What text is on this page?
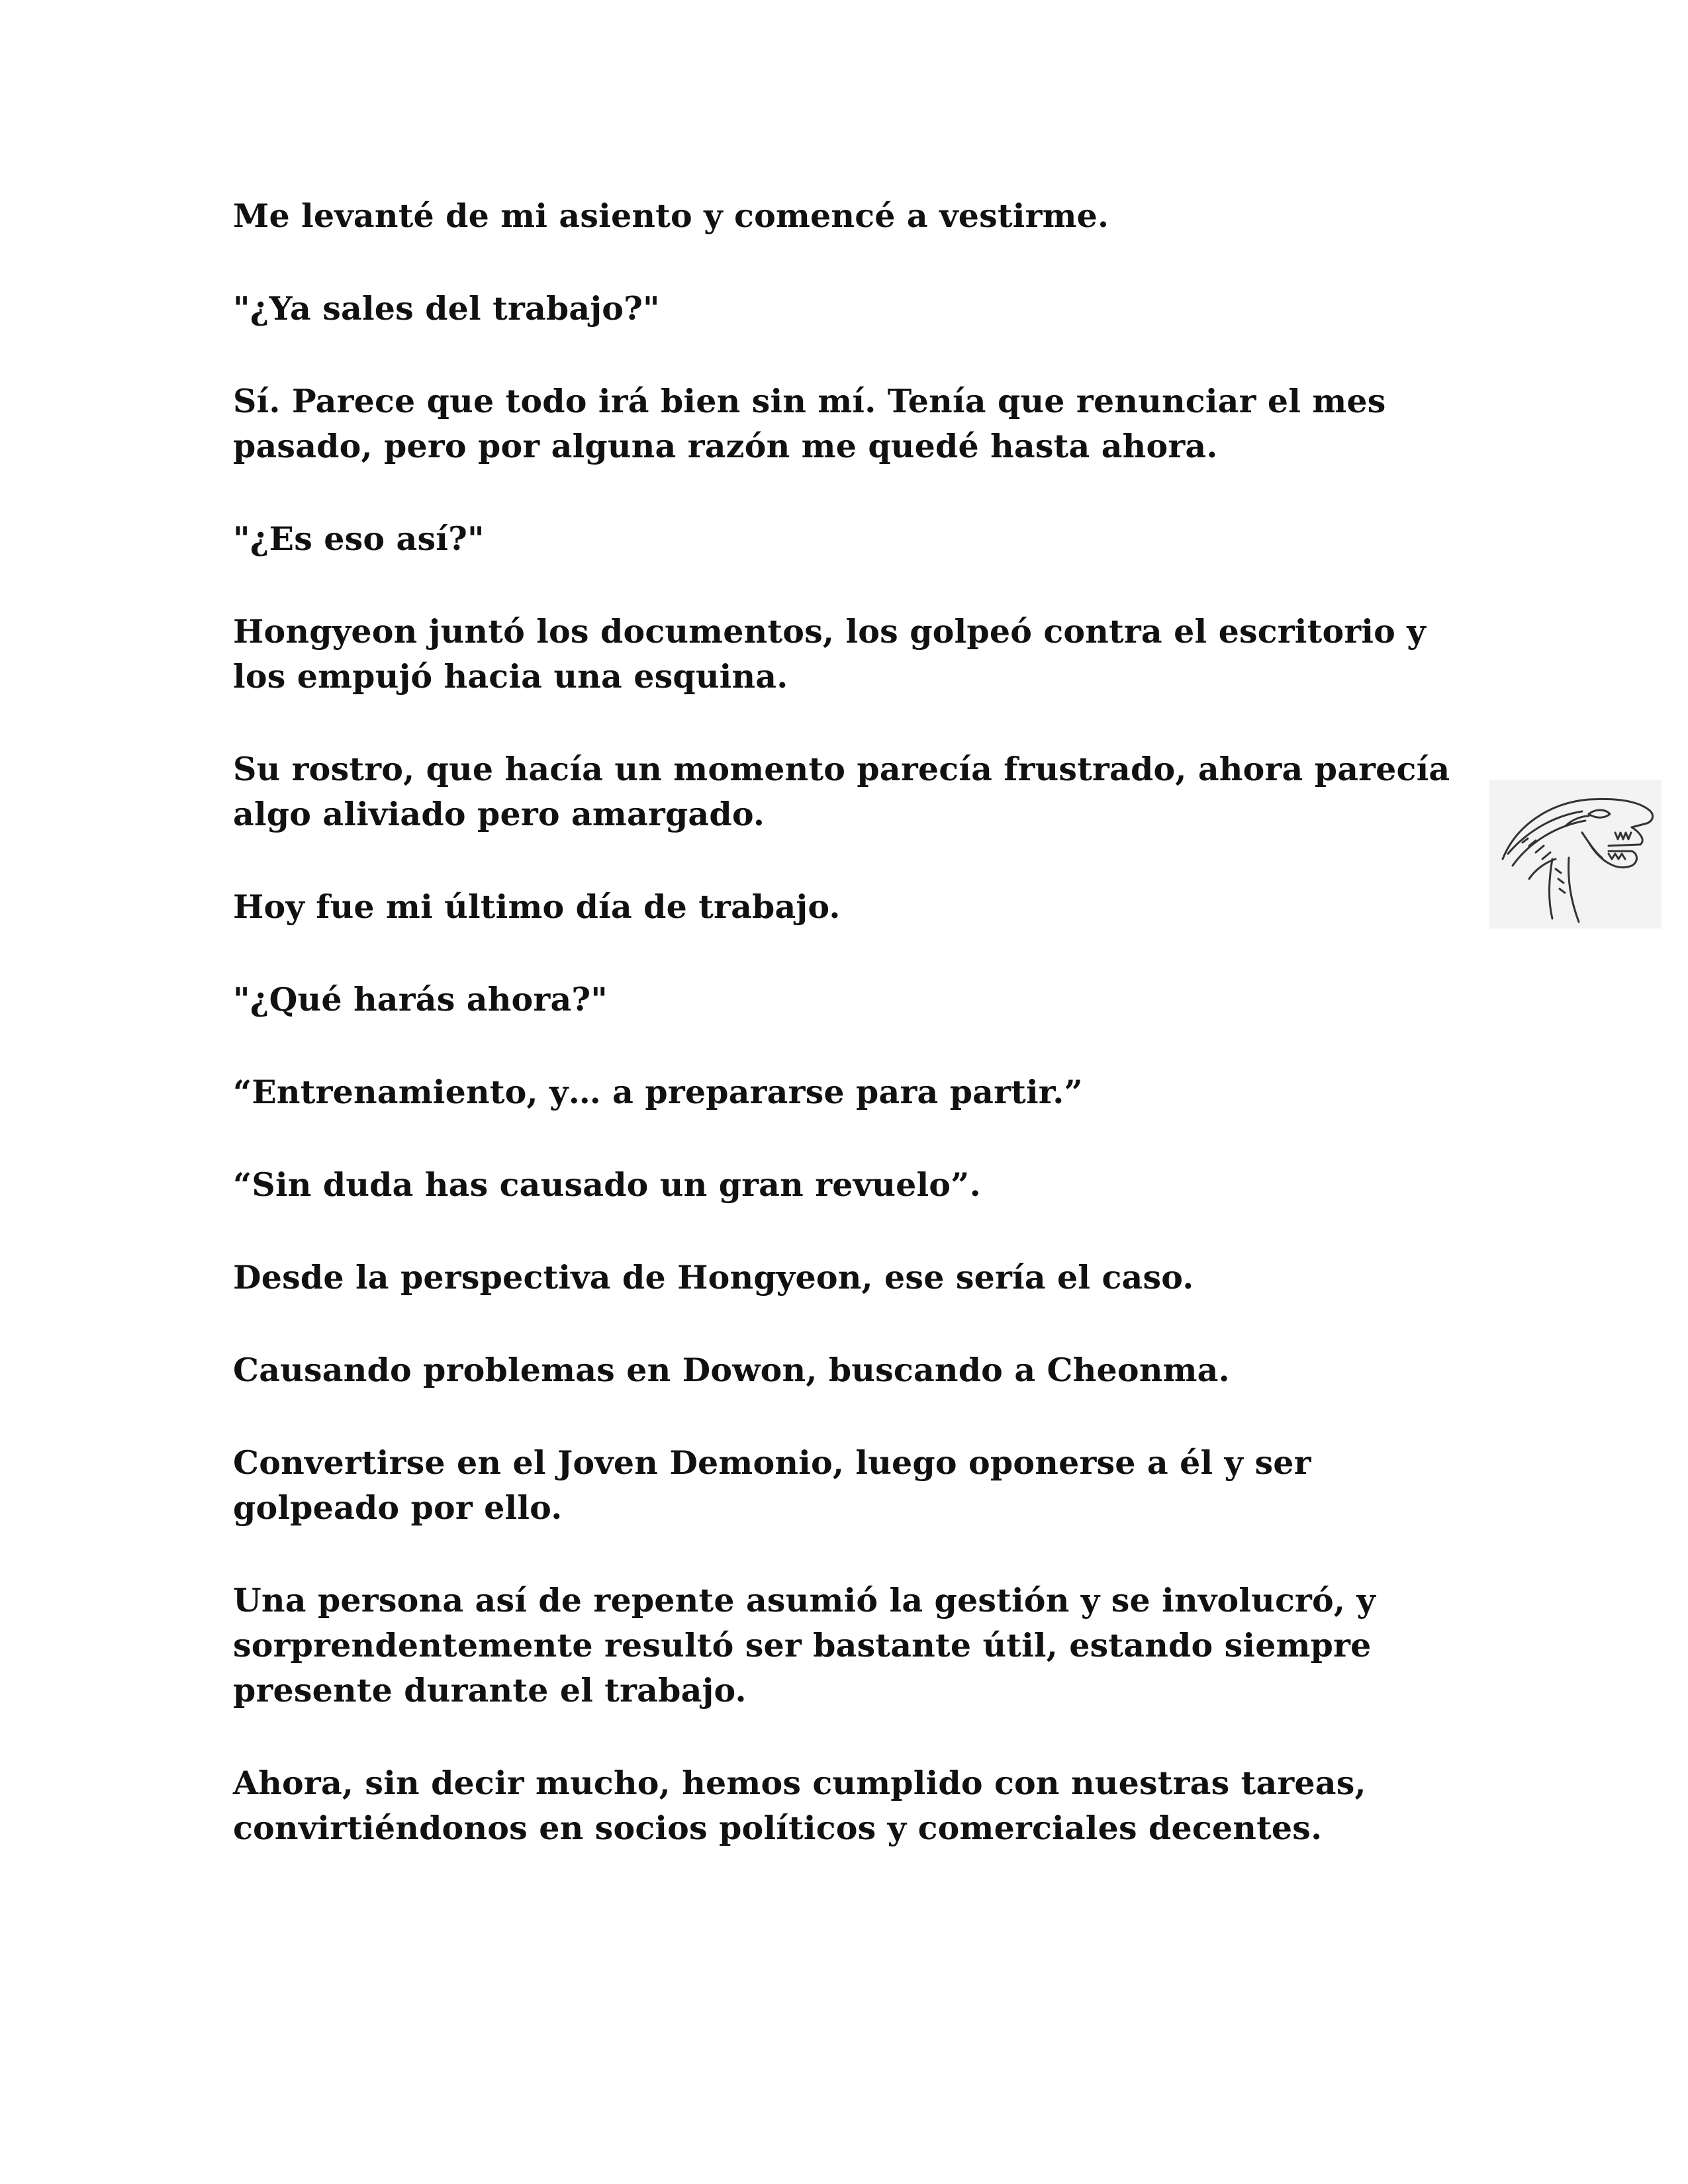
Me levanté de mi asiento y comencé a vestirme.

"¿Ya sales del trabajo?"

Sí. Parece que todo irá bien sin mí. Tenía que renunciar el mes pasado, pero por alguna razón me quedé hasta ahora.

"¿Es eso así?"

Hongyeon juntó los documentos, los golpeó contra el escritorio y los empujó hacia una esquina.

Su rostro, que hacía un momento parecía frustrado, ahora parecía algo aliviado pero amargado.

Hoy fue mi último día de trabajo.

"¿Qué harás ahora?"

“Entrenamiento, y… a prepararse para partir.”

“Sin duda has causado un gran revuelo”.

Desde la perspectiva de Hongyeon, ese sería el caso.

Causando problemas en Dowon, buscando a Cheonma.

Convertirse en el Joven Demonio, luego oponerse a él y ser golpeado por ello.

Una persona así de repente asumió la gestión y se involucró, y sorprendentemente resultó ser bastante útil, estando siempre presente durante el trabajo.

Ahora, sin decir mucho, hemos cumplido con nuestras tareas, convirtiéndonos en socios políticos y comerciales decentes.
